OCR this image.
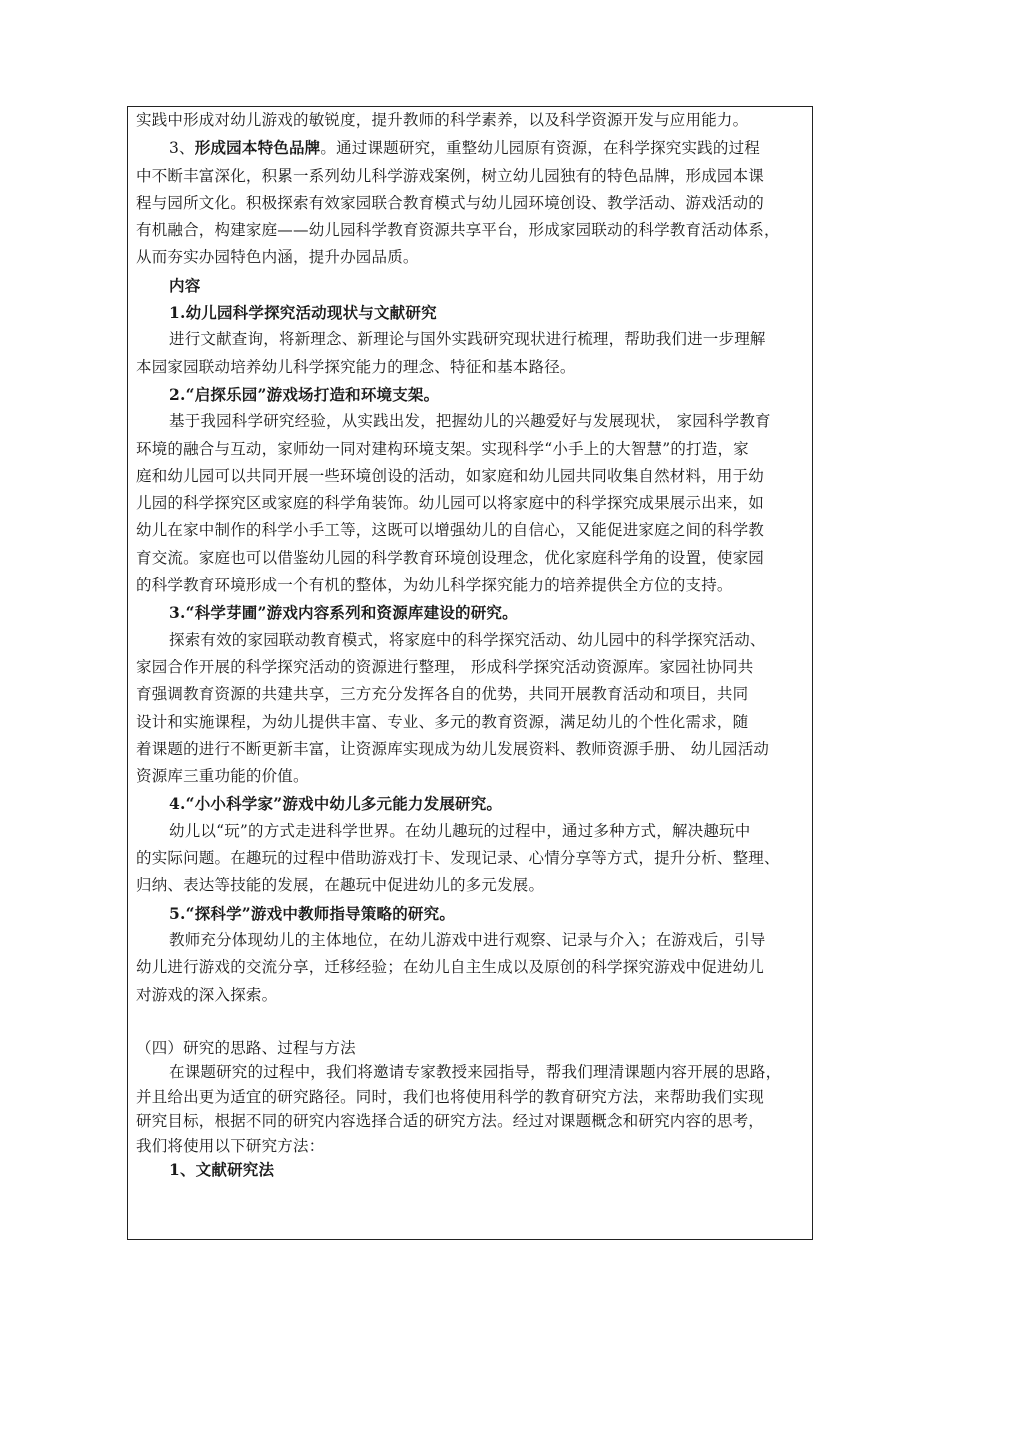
实践中形成对幼儿游戏的敏锐度，提升教师的科学素养，以及科学资源开发与应用能力。

3、形成园本特色品牌。通过课题研究，重整幼儿园原有资源，在科学探究实践的过程

中不断丰富深化，积累一系列幼儿科学游戏案例，树立幼儿园独有的特色品牌，形成园本课

程与园所文化。积极探索有效家园联合教育模式与幼儿园环境创设、教学活动、游戏活动的

有机融合，构建家庭——幼儿园科学教育资源共享平台，形成家园联动的科学教育活动体系，

从而夯实办园特色内涵，提升办园品质。

内容

1.幼儿园科学探究活动现状与文献研究

进行文献查询，将新理念、新理论与国外实践研究现状进行梳理，帮助我们进一步理解

本园家园联动培养幼儿科学探究能力的理念、特征和基本路径。

2.“启探乐园”游戏场打造和环境支架。

基于我园科学研究经验，从实践出发，把握幼儿的兴趣爱好与发展现状， 家园科学教育

环境的融合与互动，家师幼一同对建构环境支架。实现科学“小手上的大智慧”的打造，家

庭和幼儿园可以共同开展一些环境创设的活动，如家庭和幼儿园共同收集自然材料，用于幼

儿园的科学探究区或家庭的科学角装饰。幼儿园可以将家庭中的科学探究成果展示出来，如

幼儿在家中制作的科学小手工等，这既可以增强幼儿的自信心，又能促进家庭之间的科学教

育交流。家庭也可以借鉴幼儿园的科学教育环境创设理念，优化家庭科学角的设置，使家园

的科学教育环境形成一个有机的整体，为幼儿科学探究能力的培养提供全方位的支持。

3.“科学芽圃”游戏内容系列和资源库建设的研究。

探索有效的家园联动教育模式，将家庭中的科学探究活动、幼儿园中的科学探究活动、

家园合作开展的科学探究活动的资源进行整理， 形成科学探究活动资源库。家园社协同共

育强调教育资源的共建共享，三方充分发挥各自的优势，共同开展教育活动和项目，共同

设计和实施课程，为幼儿提供丰富、专业、多元的教育资源，满足幼儿的个性化需求，随

着课题的进行不断更新丰富，让资源库实现成为幼儿发展资料、教师资源手册、 幼儿园活动

资源库三重功能的价值。

4.“小小科学家”游戏中幼儿多元能力发展研究。

幼儿以“玩”的方式走进科学世界。在幼儿趣玩的过程中，通过多种方式，解决趣玩中

的实际问题。在趣玩的过程中借助游戏打卡、发现记录、心情分享等方式，提升分析、整理、

归纳、表达等技能的发展，在趣玩中促进幼儿的多元发展。

5.“探科学”游戏中教师指导策略的研究。

教师充分体现幼儿的主体地位，在幼儿游戏中进行观察、记录与介入；在游戏后，引导

幼儿进行游戏的交流分享，迁移经验；在幼儿自主生成以及原创的科学探究游戏中促进幼儿

对游戏的深入探索。

（四）研究的思路、过程与方法

在课题研究的过程中，我们将邀请专家教授来园指导，帮我们理清课题内容开展的思路，

并且给出更为适宜的研究路径。同时，我们也将使用科学的教育研究方法，来帮助我们实现

研究目标，根据不同的研究内容选择合适的研究方法。经过对课题概念和研究内容的思考，

我们将使用以下研究方法：

1、文献研究法
